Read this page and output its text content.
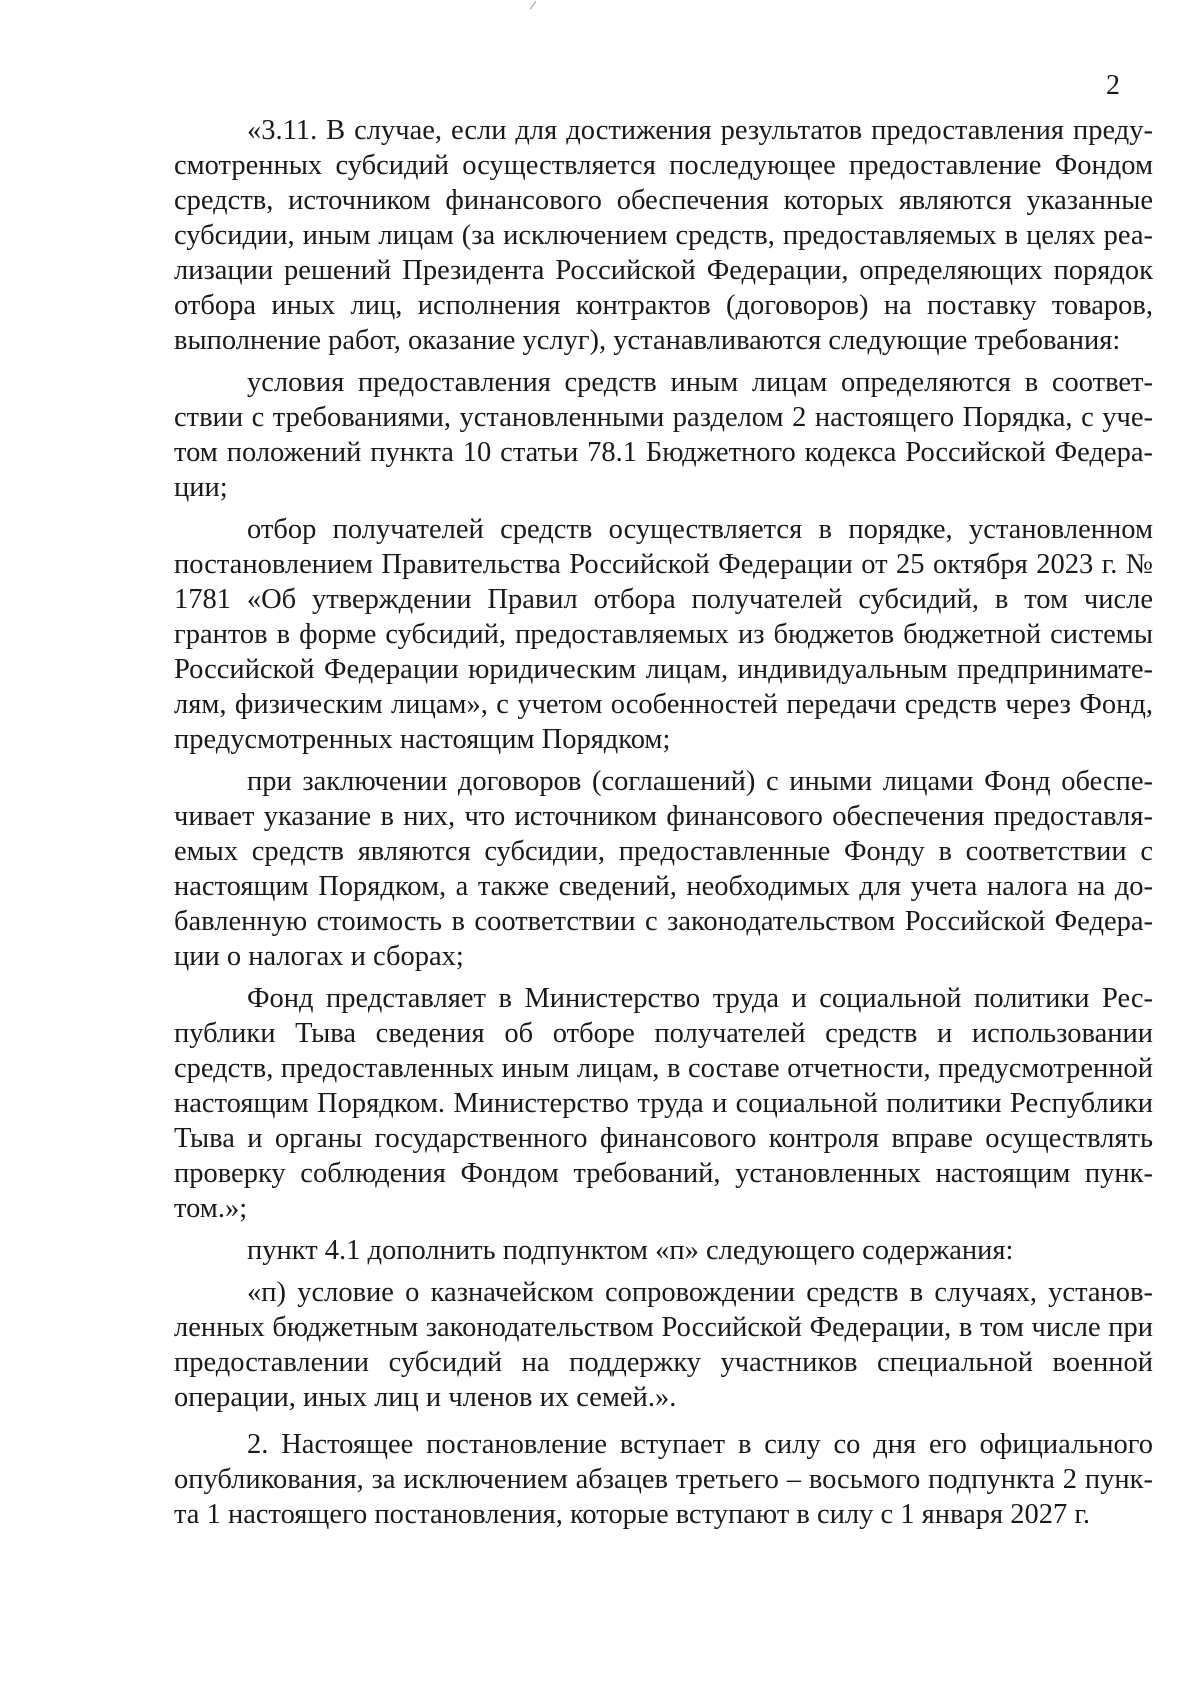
2

«3.11. В случае, если для достижения результатов предоставления предусмотренных субсидий осуществляется последующее предоставление Фондом средств, источником финансового обеспечения которых являются указанные субсидии, иным лицам (за исключением средств, предоставляемых в целях реализации решений Президента Российской Федерации, определяющих порядок отбора иных лиц, исполнения контрактов (договоров) на поставку товаров, выполнение работ, оказание услуг), устанавливаются следующие требования:

условия предоставления средств иным лицам определяются в соответствии с требованиями, установленными разделом 2 настоящего Порядка, с учетом положений пункта 10 статьи 78.1 Бюджетного кодекса Российской Федерации;

отбор получателей средств осуществляется в порядке, установленном постановлением Правительства Российской Федерации от 25 октября 2023 г. № 1781 «Об утверждении Правил отбора получателей субсидий, в том числе грантов в форме субсидий, предоставляемых из бюджетов бюджетной системы Российской Федерации юридическим лицам, индивидуальным предпринимателям, физическим лицам», с учетом особенностей передачи средств через Фонд, предусмотренных настоящим Порядком;

при заключении договоров (соглашений) с иными лицами Фонд обеспечивает указание в них, что источником финансового обеспечения предоставляемых средств являются субсидии, предоставленные Фонду в соответствии с настоящим Порядком, а также сведений, необходимых для учета налога на добавленную стоимость в соответствии с законодательством Российской Федерации о налогах и сборах;

Фонд представляет в Министерство труда и социальной политики Республики Тыва сведения об отборе получателей средств и использовании средств, предоставленных иным лицам, в составе отчетности, предусмотренной настоящим Порядком. Министерство труда и социальной политики Республики Тыва и органы государственного финансового контроля вправе осуществлять проверку соблюдения Фондом требований, установленных настоящим пунктом.»;

пункт 4.1 дополнить подпунктом «п» следующего содержания:

«п) условие о казначейском сопровождении средств в случаях, установленных бюджетным законодательством Российской Федерации, в том числе при предоставлении субсидий на поддержку участников специальной военной операции, иных лиц и членов их семей.».

2. Настоящее постановление вступает в силу со дня его официального опубликования, за исключением абзацев третьего – восьмого подпункта 2 пункта 1 настоящего постановления, которые вступают в силу с 1 января 2027 г.
